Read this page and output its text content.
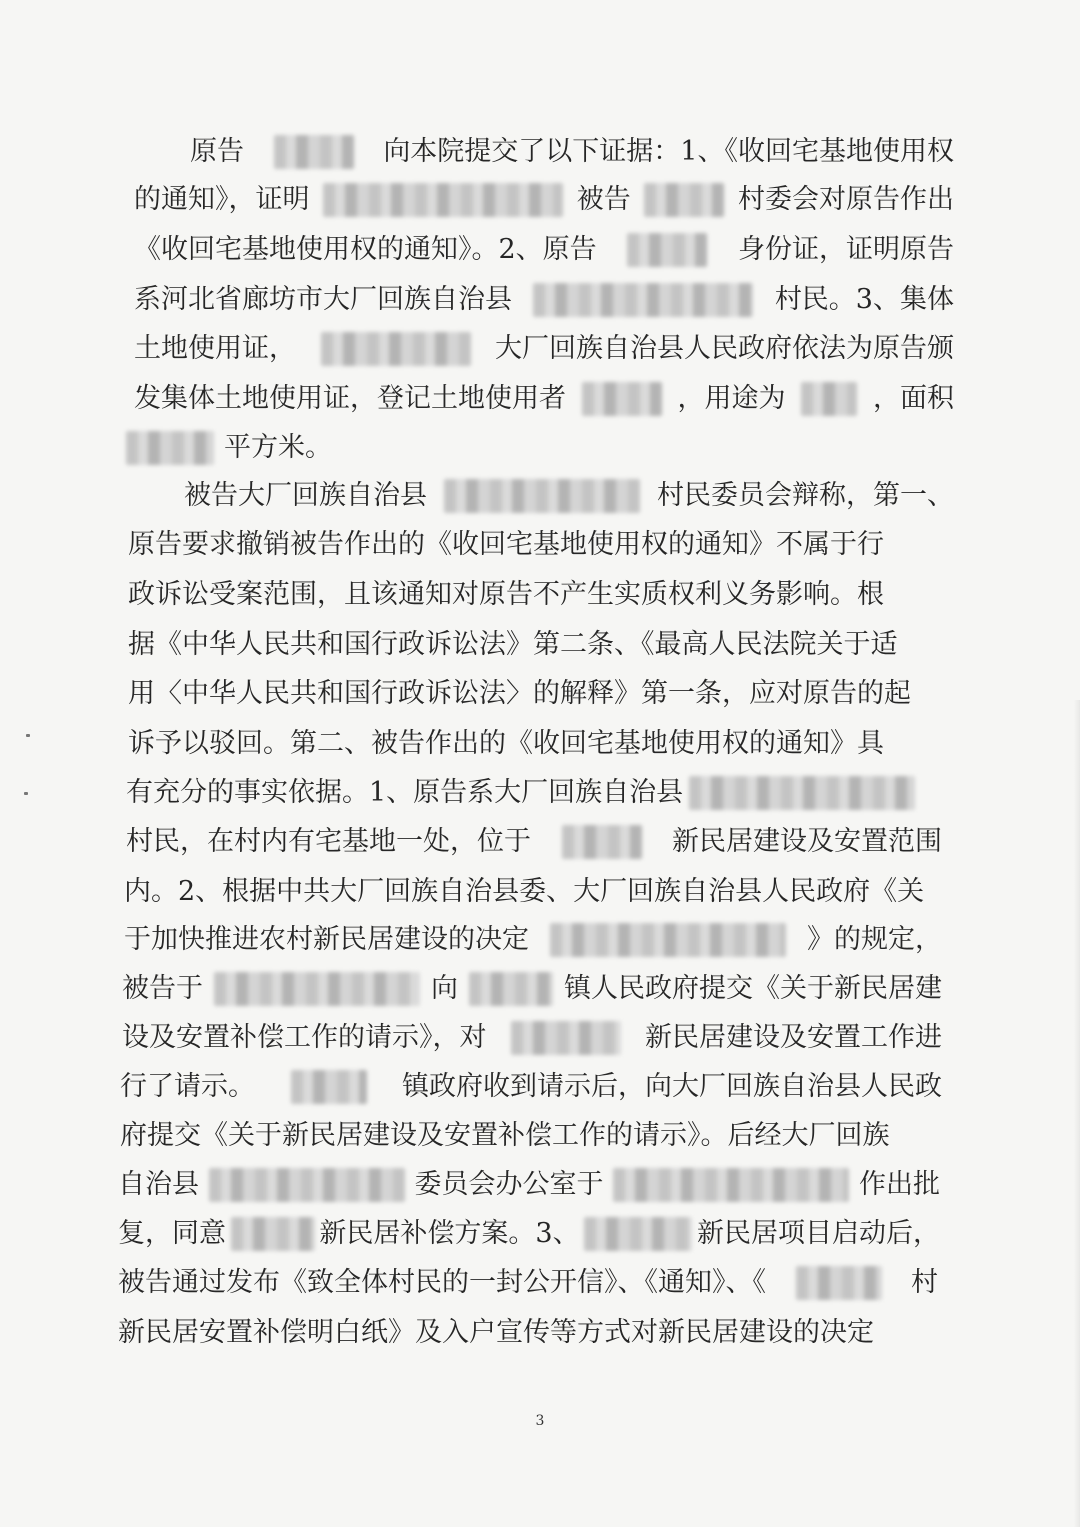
原告	向本院提交了以下证据：1、《收回宅基地使用权
的通知》，证明	被告	村委会对原告作出
《收回宅基地使用权的通知》。2、原告	身份证，证明原告
系河北省廊坊市大厂回族自治县	村民。3、集体
土地使用证，	大厂回族自治县人民政府依法为原告颁
发集体土地使用证，登记土地使用者	，用途为	，面积
平方米。
被告大厂回族自治县	村民委员会辩称，第一、
原告要求撤销被告作出的《收回宅基地使用权的通知》不属于行
政诉讼受案范围，且该通知对原告不产生实质权利义务影响。根
据《中华人民共和国行政诉讼法》第二条、《最高人民法院关于适
用〈中华人民共和国行政诉讼法〉的解释》第一条，应对原告的起
诉予以驳回。第二、被告作出的《收回宅基地使用权的通知》具
有充分的事实依据。1、原告系大厂回族自治县
村民，在村内有宅基地一处，位于	新民居建设及安置范围
内。2、根据中共大厂回族自治县委、大厂回族自治县人民政府《关
于加快推进农村新民居建设的决定	》的规定，
被告于	向	镇人民政府提交《关于新民居建
设及安置补偿工作的请示》，对	新民居建设及安置工作进
行了请示。	镇政府收到请示后，向大厂回族自治县人民政
府提交《关于新民居建设及安置补偿工作的请示》。后经大厂回族
自治县	委员会办公室于	作出批
复，同意	新民居补偿方案。3、	新民居项目启动后，
被告通过发布《致全体村民的一封公开信》、《通知》、《	村
新民居安置补偿明白纸》及入户宣传等方式对新民居建设的决定
3
